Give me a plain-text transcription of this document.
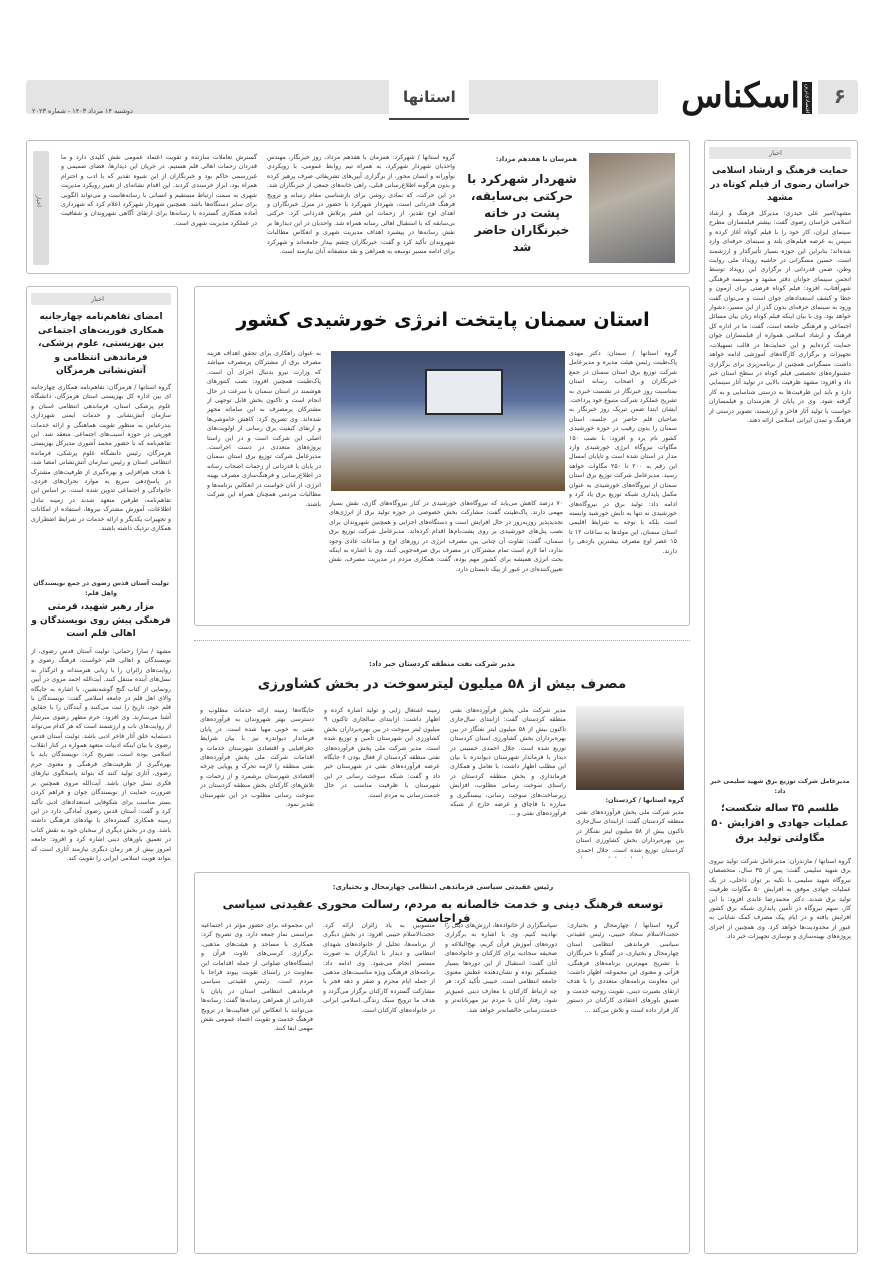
۶
اقتصادی‌ترین
اسکناس
استانها
دوشنبه ۱۴ مرداد ۱۴۰۳ - شماره ۲۰۲۳
همرسان با هفدهم مرداد:
شهردار شهرکرد با حرکتی بی‌سابقه، پشت در خانه خبرنگاران حاضر شد
گروه استانها / شهرکرد: همزمان با هفدهم مرداد، روز خبرنگار، مهندس واحدیان شهردار شهرکرد، به همراه تیم روابط عمومی، با رویکردی نوآورانه و انسان محور، از برگزاری آیین‌های تشریفاتی صرف پرهیز کرده و بدون هرگونه اطلاع‌رسانی قبلی، راهی خانه‌های جمعی از خبرنگاران شد. در این حرکت، که نمادی روشن برای بازشناسی مقام رسانه و ترویج فرهنگ قدردانی است، شهردار شهرکرد با حضور در منزل خبرنگاران و اهدای لوح تقدیر، از زحمات این قشر پرتلاش قدردانی کرد. حرکتی بی‌سابقه که با استقبال اهالی رسانه همراه شد. واحدیان در این دیدارها بر نقش رسانه‌ها در پیشبرد اهداف مدیریت شهری و انعکاس مطالبات شهروندان تأکید کرد و گفت: خبرنگاران چشم بیدار جامعه‌اند و شهرکرد برای ادامه مسیر توسعه به همراهی و نقد منصفانه آنان نیازمند است.
گسترش تعاملات سازنده و تقویت اعتماد عمومی نقش کلیدی دارد و ما قدردان زحمات اهالی قلم هستیم. در جریان این دیدارها، فضای صمیمی و غیررسمی حاکم بود و خبرنگاران از این شیوه تقدیر که با ادب و احترام همراه بود، ابراز خرسندی کردند. این اقدام نشانه‌ای از تغییر رویکرد مدیریت شهری به سمت ارتباط مستقیم و انسانی با رسانه‌هاست و می‌تواند الگویی برای سایر دستگاه‌ها باشد. همچنین شهردار شهرکرد اعلام کرد که شهرداری آماده همکاری گسترده با رسانه‌ها برای ارتقای آگاهی شهروندان و شفافیت در عملکرد مدیریت شهری است.
اخبار
اخبار
امضای تفاهم‌نامه چهارجانبه همکاری فوریت‌های اجتماعی بین بهزیستی، علوم پزشکی، فرماندهی انتظامی و آتش‌نشانی هرمزگان
گروه استانها / هرمزگان: تفاهم‌نامه همکاری چهارجانبه ای بین اداره کل بهزیستی استان هرمزگان، دانشگاه علوم پزشکی استان، فرماندهی انتظامی استان و سازمان آتش‌نشانی و خدمات ایمنی شهرداری بندرعباس به منظور تقویت هماهنگی و ارائه خدمات فوریتی در حوزه آسیب‌های اجتماعی منعقد شد. این تفاهم‌نامه که با حضور محمد آشوری مدیرکل بهزیستی هرمزگان، رئیس دانشگاه علوم پزشکی، فرمانده انتظامی استان و رئیس سازمان آتش‌نشانی امضا شد، با هدف هم‌افزایی و بهره‌گیری از ظرفیت‌های مشترک در پاسخ‌دهی سریع به موارد بحران‌های فردی، خانوادگی و اجتماعی تدوین شده است. بر اساس این تفاهم‌نامه، طرفین متعهد شدند در زمینه تبادل اطلاعات، آموزش مشترک نیروها، استفاده از امکانات و تجهیزات یکدیگر و ارائه خدمات در شرایط اضطراری همکاری نزدیک داشته باشند.
تولیت آستان قدس رضوی در جمع نویسندگان واهل قلم:
مزار رهبر شهید، قرمتی فرهنگی پیش روی نویسندگان و اهالی قلم است
مشهد / سارا رحمانی: تولیت آستان قدس رضوی، از نویسندگان و اهالی قلم خواست، فرهنگ رضوی و روایت‌های زائران را با زبانی هنرمندانه و اثرگذار به نسل‌های آینده منتقل کنند. آیت‌الله احمد مروی در آیین رونمایی از کتاب گنج گوشه‌نشین، با اشاره به جایگاه والای اهل قلم در جامعه اسلامی گفت: نویسندگان با قلم خود، تاریخ را ثبت می‌کنند و آیندگان را با حقایق آشنا می‌سازند. وی افزود: حرم مطهر رضوی سرشار از روایت‌های ناب و ارزشمند است که هر کدام می‌تواند دستمایه خلق آثار فاخر ادبی باشد. تولیت آستان قدس رضوی با بیان اینکه ادبیات متعهد همواره در کنار انقلاب اسلامی بوده است، تصریح کرد: نویسندگان باید با بهره‌گیری از ظرفیت‌های فرهنگی و معنوی حرم رضوی، آثاری تولید کنند که بتواند پاسخگوی نیازهای فکری نسل جوان باشد. آیت‌الله مروی همچنین بر ضرورت حمایت از نویسندگان جوان و فراهم کردن بستر مناسب برای شکوفایی استعدادهای ادبی تأکید کرد و گفت: آستان قدس رضوی آمادگی دارد در این زمینه همکاری گسترده‌ای با نهادهای فرهنگی داشته باشد. وی در بخش دیگری از سخنان خود به نقش کتاب در تعمیق باورهای دینی اشاره کرد و افزود: جامعه امروز بیش از هر زمان دیگری نیازمند آثاری است که بتواند هویت اسلامی ایرانی را تقویت کند.
اخبار
حمایت فرهنگ و ارشاد اسلامی خراسان رضوی از فیلم کوتاه در مشهد
مشهد/امیر علی حیدری: مدیرکل فرهنگ و ارشاد اسلامی خراسان رضوی گفت: بیشتر فیلمسازان مطرح سینمای ایران، کار خود را با فیلم کوتاه آغاز کرده و سپس به عرصه فیلم‌های بلند و سینمای حرفه‌ای وارد شده‌اند؛ بنابراین این حوزه بسیار تأثیرگذار و ارزشمند است. حسین مسگرانی در حاشیه رویداد ملی روایت وطن، ضمن قدردانی از برگزاری این رویداد توسط انجمن سینمای جوانان دفتر مشهد و موسسه فرهنگی شهرآفتاب، افزود: فیلم کوتاه فرصتی برای آزمون و خطا و کشف استعدادهای جوان است و می‌توان گفت ورود به سینمای حرفه‌ای بدون گذر از این مسیر، دشوار خواهد بود. وی با بیان اینکه فیلم کوتاه زبان بیان مسائل اجتماعی و فرهنگی جامعه است، گفت: ما در اداره کل فرهنگ و ارشاد اسلامی همواره از فیلمسازان جوان حمایت کرده‌ایم و این حمایت‌ها در قالب تسهیلات، تجهیزات و برگزاری کارگاه‌های آموزشی ادامه خواهد داشت. مسگرانی همچنین از برنامه‌ریزی برای برگزاری جشنواره‌های تخصصی فیلم کوتاه در سطح استان خبر داد و افزود: مشهد ظرفیت بالایی در تولید آثار سینمایی دارد و باید این ظرفیت‌ها به درستی شناسایی و به کار گرفته شود. وی در پایان از هنرمندان و فیلمسازان خواست با تولید آثار فاخر و ارزشمند، تصویر درستی از فرهنگ و تمدن ایرانی اسلامی ارائه دهند.
مدیرعامل شرکت توزیع برق شهید سلیمی خبر داد:
طلسم ۳۵ ساله شکست؛ عملیات جهادی و افزایش ۵۰ مگاولتی توليد برق
گروه استانها / مازندران: مدیرعامل شرکت تولید نیروی برق شهید سلیمی گفت: پس از ۳۵ سال، متخصصان نیروگاه شهید سلیمی با تکیه بر توان داخلی، در یک عملیات جهادی موفق به افزایش ۵۰ مگاوات ظرفیت تولید برق شدند. دکتر محمدرضا عابدی افزود: با این کار، سهم نیروگاه در تأمین پایداری شبکه برق کشور افزایش یافته و در ایام پیک مصرف کمک شایانی به عبور از محدودیت‌ها خواهد کرد. وی همچنین از اجرای پروژه‌های بهینه‌سازی و نوسازی تجهیزات خبر داد.
استان سمنان پایتخت انرژی خورشیدی کشور
گروه استانها / سمنان: دکتر مهدی پاک‌طینت رئیس هیئت مدیره و مدیرعامل شرکت توزیع برق استان سمنان در جمع خبرنگاران و اصحاب رسانه استان بمناسبت روز خبرنگار در نشست خبری به تشریح عملکرد شرکت متبوع خود پرداخت. ایشان ابتدا ضمن تبریک روز خبرنگار به صاحبان قلم حاضر در جلسه، استان سمنان را بدون رقیب در حوزه خورشیدی کشور نام برد و افزود: با نصب ۱۵۰ مگاوات نیروگاه انرژی خورشیدی وارد مدار در استان شده است و تاپایان امسال این رقم به ۲۰۰ تا ۲۵۰ مگاوات خواهد رسید. مدیرعامل شرکت توزیع برق استان سمنان از نیروگاه‌های خورشیدی به عنوان مکمل پایداری شبکه توزیع برق یاد کرد و ادامه داد: تولید برق در نیروگاه‌های خورشیدی نه تنها به تابش خورشید وابسته است بلکه با توجه به شرایط اقلیمی استان سمنان، این مولدها به ساعات ۱۲ تا ۱۵ عصر اوج مصرف بیشترین بازدهی را دارند.
۷۰ درصد کاهش می‌یابد که نیروگاه‌های خورشیدی در کنار نیروگاه‌های گازی، نقش بسیار مهمی دارند. پاک‌طینت گفت: مشارکت بخش خصوصی در حوزه تولید برق از انرژی‌های تجدیدپذیر روزبه‌روز در حال افزایش است و دستگاه‌های اجرایی و همچنین شهروندان برای نصب پنل‌های خورشیدی بر روی پشت‌بام‌ها اقدام کرده‌اند. مدیرعامل شرکت توزیع برق سمنان، گفت: تفاوت آن چنانی بین مصرف انرژی در روزهای اوج و ساعات عادی وجود ندارد، اما لازم است تمام مشترکان در مصرف برق صرفه‌جویی کنند. وی با اشاره به اینکه بحث انرژی همیشه برای کشور مهم بوده، گفت: همکاری مردم در مدیریت مصرف، نقش تعیین‌کننده‌ای در عبور از پیک تابستان دارد.
به عنوان راهکاری برای تحقق اهداف هزینه مصرف برق از مشترکان پرمصرف میباشد که وزارت نیرو بدنبال اجرای آن است. پاک‌طینت همچنین افزود: نصب کنتورهای هوشمند در استان سمنان با سرعت در حال انجام است و تاکنون بخش قابل توجهی از مشترکان پرمصرف به این سامانه مجهز شده‌اند. وی تصریح کرد: کاهش خاموشی‌ها و ارتقای کیفیت برق رسانی از اولویت‌های اصلی این شرکت است و در این راستا پروژه‌های متعددی در دست اجراست. مدیرعامل شرکت توزیع برق استان سمنان در پایان با قدردانی از زحمات اصحاب رسانه در اطلاع‌رسانی و فرهنگ‌سازی مصرف بهینه انرژی، از آنان خواست در انعکاس برنامه‌ها و مطالبات مردمی همچنان همراه این شرکت باشند.
مدیر شرکت نفت منطقه کردستان خبر داد:
مصرف بیش از ۵۸ میلیون لیترسوخت در بخش کشاورزی
گروه استانها / کردستان:
مدیر شرکت ملی پخش فرآورده‌های نفتی منطقه کردستان گفت: ازابتدای سال‌جاری تاکنون بیش از ۵۸ میلیون لیتر نفتگاز در بین بهره‌برداران بخش کشاورزی استان کردستان توزیع شده است. جلال احمدی
مدیر شرکت ملی پخش فرآورده‌های نفتی منطقه کردستان گفت: ازابتدای سال‌جاری تاکنون بیش از ۵۸ میلیون لیتر نفتگاز در بین بهره‌برداران بخش کشاورزی استان کردستان توزیع شده است. جلال احمدی حسینی در دیدار با فرماندار شهرستان دیواندره با بیان این مطلب اظهار داشت: با تعامل و همکاری فرمانداری و بخش منطقه کردستان در راستای سوخت رسانی مطلوب، افزایش زیرساخت‌های سوخت رسانی، بیستگیری و مبارزه با قاچاق و عرضه خارج از شبکه فرآورده‌های نفتی و ...
زمینه اشتغال زایی و تولید اشاره کرده و اظهار داشت: ازابتدای سالجاری تاکنون ۹ میلیون لیتر سوخت در بین بهره‌برداران بخش کشاورزی این شهرستان تأمین و توزیع شده است. مدیر شرکت ملی پخش فرآورده‌های نفتی منطقه کردستان از فعال بودن ۶ جایگاه عرضه فرآورده‌های نفتی در شهرستان خبر داد و گفت: شبکه سوخت رسانی در این شهرستان با ظرفیت مناسب در حال خدمت‌رسانی به مردم است.
جایگاه‌ها زمینه ارائه خدمات مطلوب و دسترسی بهتر شهروندان به فرآورده‌های نفتی به خوبی مهیا شده است. در پایان فرماندار دیواندره نیز با بیان شرایط جغرافیایی و اقتصادی شهرستان خدمات و اقدامات شرکت ملی پخش فرآورده‌های نفتی منطقه را لازمه تحرک و پویایی چرخه اقتصادی شهرستان برشمرد و از زحمات و تلاش‌های کارکنان بخش منطقه کردستان در سوخت رسانی مطلوب در این شهرستان تقدیر نمود.
رئیس عقیدتی سیاسی فرماندهی انتظامی چهارمحال و بختیاری:
توسعه فرهنگ دینی و خدمت خالصانه به مردم، رسالت محوری عقیدتی سیاسی فراجاست
گروه استانها / چهارمحال و بختیاری: حجت‌الاسلام سجاد حبیبی، رئیس عقیدتی سیاسی فرماندهی انتظامی استان چهارمحال و بختیاری، در گفتگو با خبرنگاران با تشریح مهم‌ترین برنامه‌های فرهنگی، قرآنی و معنوی این مجموعه، اظهار داشت: این معاونت برنامه‌های متعددی را با هدف ارتقای بصیرت دینی، تقویت روحیه خدمت و تعمیق باورهای اعتقادی کارکنان در دستور کار قرار داده است و تلاش می‌کند ...
سپاسگزاری از خانواده‌ها، ارزش‌های دینی را نهادینه کنیم. وی با اشاره به برگزاری دوره‌های آموزش قرآن کریم، نهج‌البلاغه و صحیفه سجادیه برای کارکنان و خانواده‌های آنان گفت: استقبال از این دوره‌ها بسیار چشمگیر بوده و نشان‌دهنده عطش معنوی جامعه انتظامی است. حبیبی تأکید کرد: هر چه ارتباط کارکنان با معارف دینی عمیق‌تر شود، رفتار آنان با مردم نیز مهربانانه‌تر و خدمت‌رسانی خالصانه‌تر خواهد شد.
منسوبین به یاد زائران ارائه کرد. حجت‌الاسلام حبیبی افزود: در بخش دیگری از برنامه‌ها، تجلیل از خانواده‌های شهدای انتظامی و دیدار با ایثارگران به صورت مستمر انجام می‌شود. وی ادامه داد: برنامه‌های فرهنگی ویژه مناسبت‌های مذهبی از جمله ایام محرم و صفر و دهه فجر با مشارکت گسترده کارکنان برگزار می‌گردد و هدف ما ترویج سبک زندگی اسلامی ایرانی در خانواده‌های کارکنان است.
این مجموعه برای حضور مؤثر در اجتماعیه مراسمی نماز جمعه دارد. وی تصریح کرد: همکاری با مساجد و هیئت‌های مذهبی، برگزاری کرسی‌های تلاوت قرآن و ایستگاه‌های صلواتی از جمله اقدامات این معاونت در راستای تقویت پیوند فراجا با مردم است. رئیس عقیدتی سیاسی فرماندهی انتظامی استان در پایان با قدردانی از همراهی رسانه‌ها گفت: رسانه‌ها می‌توانند با انعکاس این فعالیت‌ها در ترویج فرهنگ خدمت و تقویت اعتماد عمومی نقش مهمی ایفا کنند.
